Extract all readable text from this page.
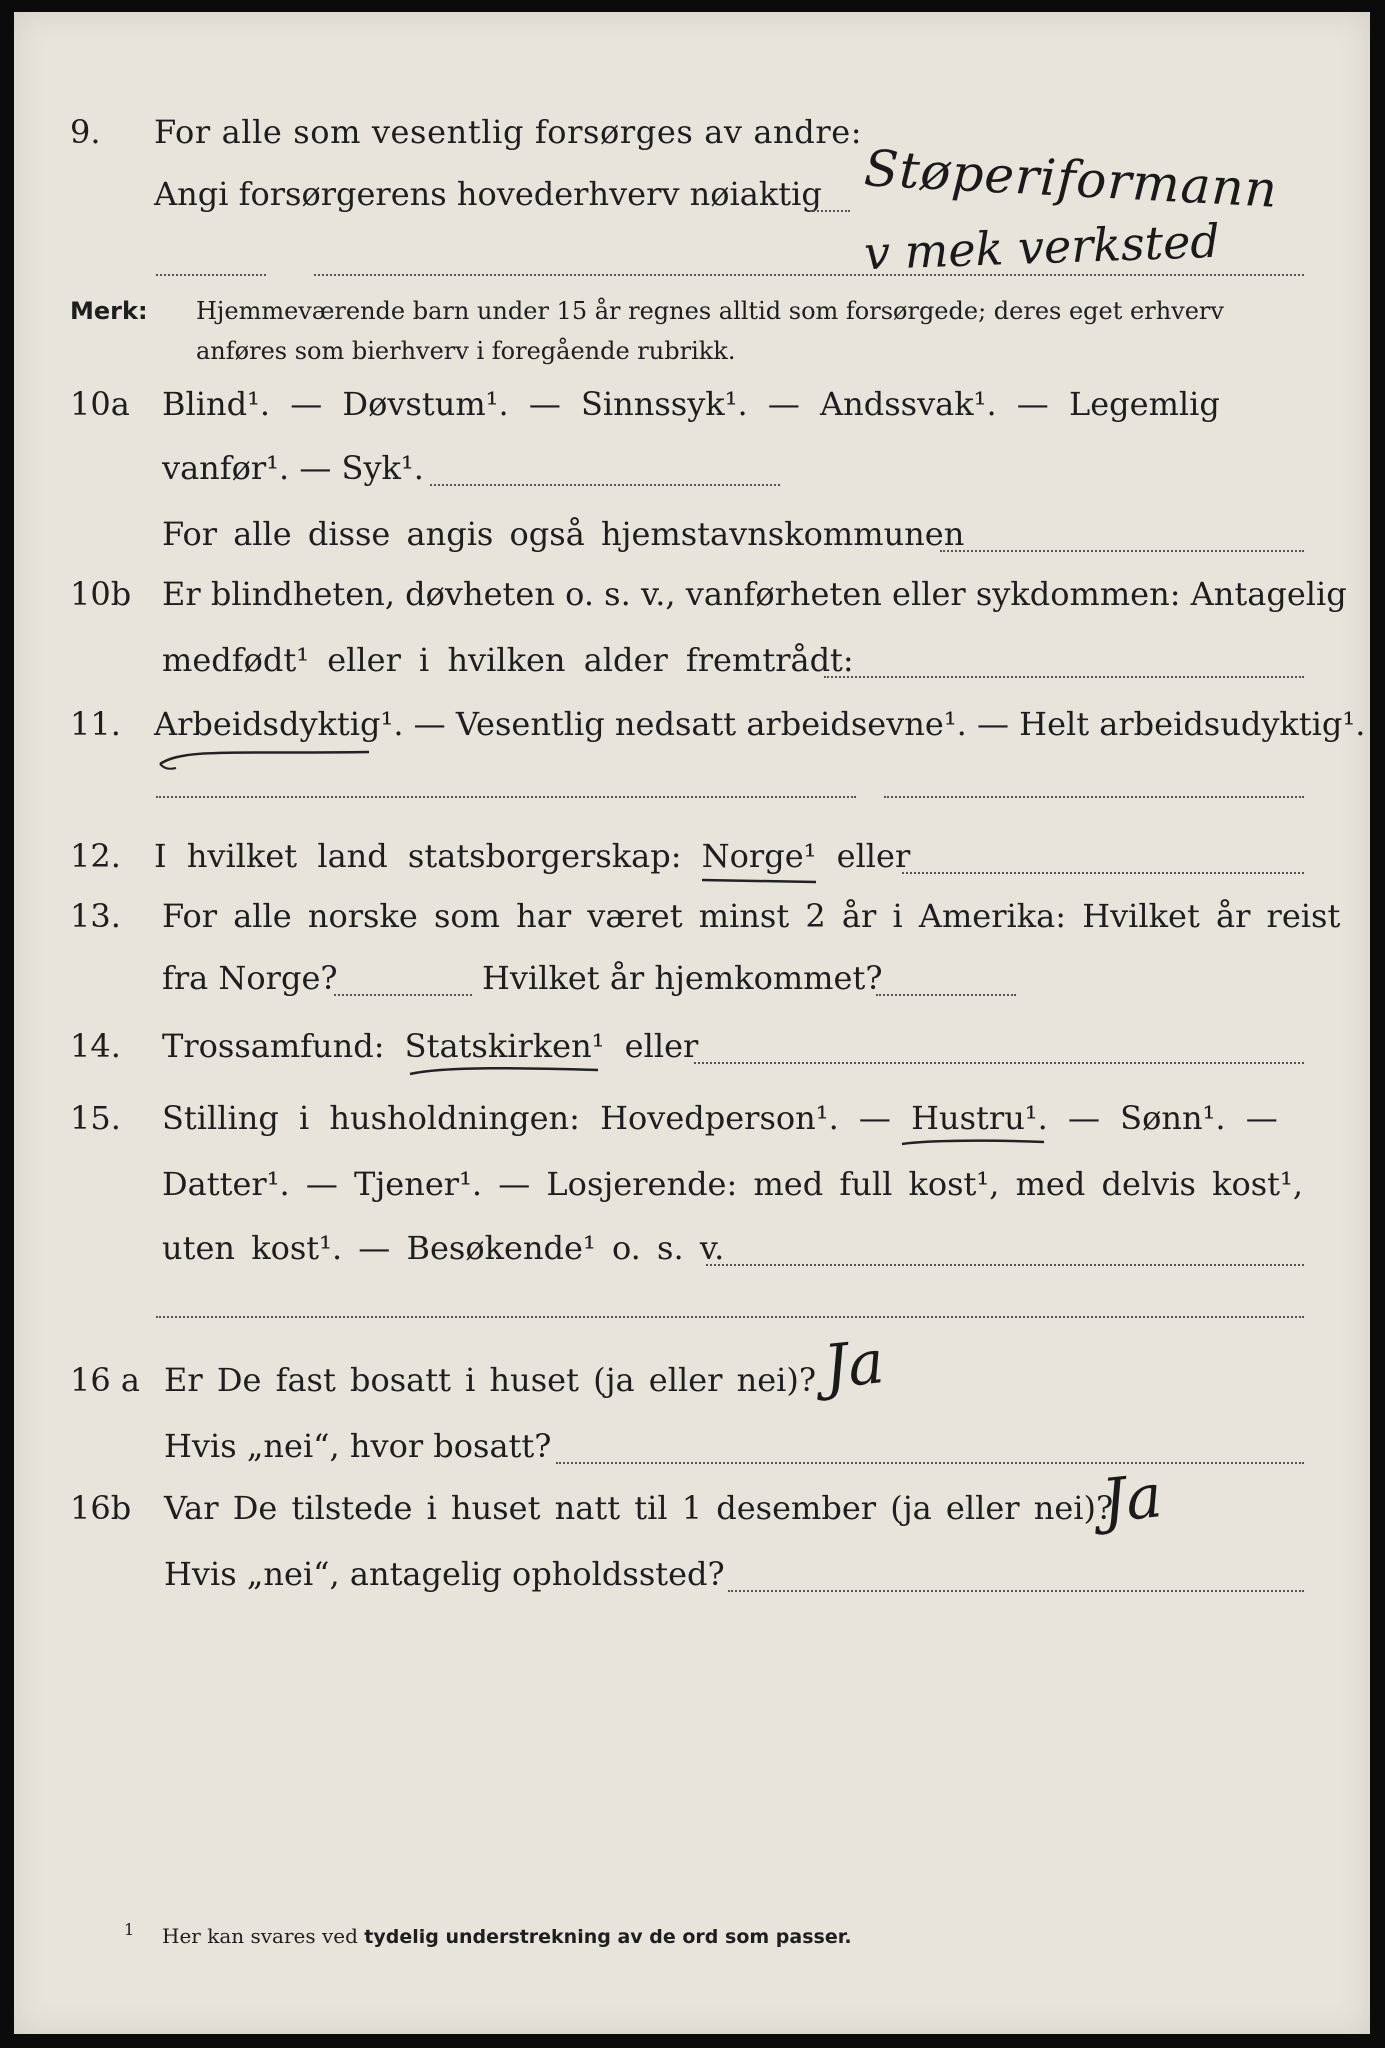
9. For alle som vesentlig forsørges av andre:
Angi forsørgerens hovederhverv nøiaktig Støperiformann
v mek verksted
Merk: Hjemmeværende barn under 15 år regnes alltid som forsørgede; deres eget erhverv
anføres som bierhverv i foregående rubrikk.
10a Blind¹. — Døvstum¹. — Sinnssyk¹. — Andssvak¹. — Legemlig
vanfør¹. — Syk¹.
For alle disse angis også hjemstavnskommunen
10b Er blindheten, døvheten o. s. v., vanførheten eller sykdommen: Antagelig
medfødt¹ eller i hvilken alder fremtrådt:
11. Arbeidsdyktig¹. — Vesentlig nedsatt arbeidsevne¹. — Helt arbeidsudyktig¹.
12. I hvilket land statsborgerskap: Norge¹ eller
13. For alle norske som har været minst 2 år i Amerika: Hvilket år reist
fra Norge?	Hvilket år hjemkommet?
14. Trossamfund: Statskirken¹ eller
15. Stilling i husholdningen: Hovedperson¹. — Hustru¹. — Sønn¹. —
Datter¹. — Tjener¹. — Losjerende: med full kost¹, med delvis kost¹,
uten kost¹. — Besøkende¹ o. s. v.
16 a Er De fast bosatt i huset (ja eller nei)? Ja
Hvis „nei“, hvor bosatt?
16b Var De tilstede i huset natt til 1 desember (ja eller nei)?
Ja
Hvis „nei“, antagelig opholdssted?
1 Her kan svares ved tydelig understrekning av de ord som passer.
